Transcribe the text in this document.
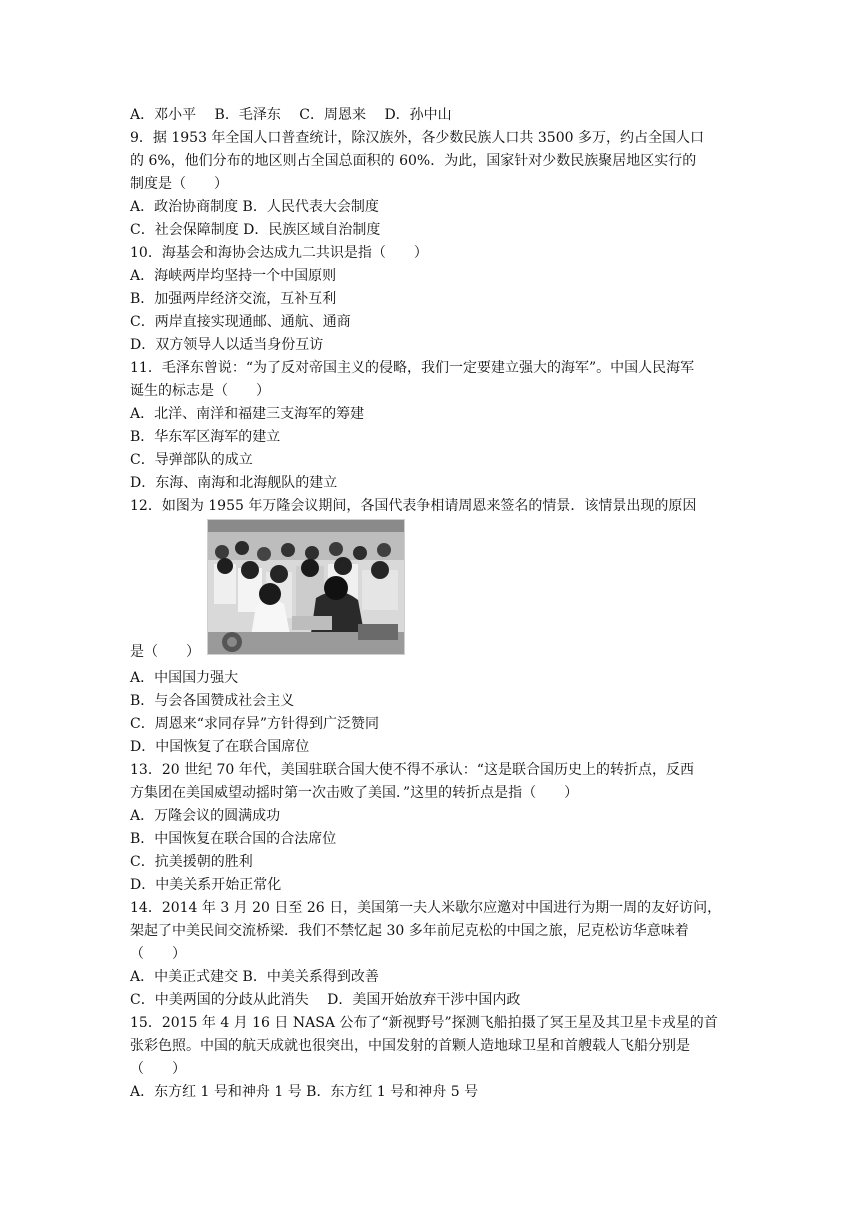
A．邓小平　 B．毛泽东　 C．周恩来　 D．孙中山
9．据 1953 年全国人口普查统计，除汉族外，各少数民族人口共 3500 多万，约占全国人口
的 6%，他们分布的地区则占全国总面积的 60%．为此，国家针对少数民族聚居地区实行的
制度是（　　）
A．政治协商制度 B．人民代表大会制度
C．社会保障制度 D．民族区域自治制度
10．海基会和海协会达成九二共识是指（　　）
A．海峡两岸均坚持一个中国原则
B．加强两岸经济交流，互补互利
C．两岸直接实现通邮、通航、通商
D．双方领导人以适当身份互访
11．毛泽东曾说：“为了反对帝国主义的侵略，我们一定要建立强大的海军”。中国人民海军
诞生的标志是（　　）
A．北洋、南洋和福建三支海军的筹建
B．华东军区海军的建立
C．导弹部队的成立
D．东海、南海和北海舰队的建立
12．如图为 1955 年万隆会议期间，各国代表争相请周恩来签名的情景．该情景出现的原因
是（　　）
A．中国国力强大
B．与会各国赞成社会主义
C．周恩来“求同存异”方针得到广泛赞同
D．中国恢复了在联合国席位
13．20 世纪 70 年代，美国驻联合国大使不得不承认：“这是联合国历史上的转折点，反西
方集团在美国威望动摇时第一次击败了美国．”这里的转折点是指（　　）
A．万隆会议的圆满成功
B．中国恢复在联合国的合法席位
C．抗美援朝的胜利
D．中美关系开始正常化
14．2014 年 3 月 20 日至 26 日，美国第一夫人米歇尔应邀对中国进行为期一周的友好访问，
架起了中美民间交流桥梁．我们不禁忆起 30 多年前尼克松的中国之旅，尼克松访华意味着
（　　）
A．中美正式建交 B．中美关系得到改善
C．中美两国的分歧从此消失　 D．美国开始放弃干涉中国内政
15．2015 年 4 月 16 日 NASA 公布了“新视野号”探测飞船拍摄了冥王星及其卫星卡戎星的首
张彩色照。中国的航天成就也很突出，中国发射的首颗人造地球卫星和首艘载人飞船分别是
（　　）
A．东方红 1 号和神舟 1 号 B．东方红 1 号和神舟 5 号
